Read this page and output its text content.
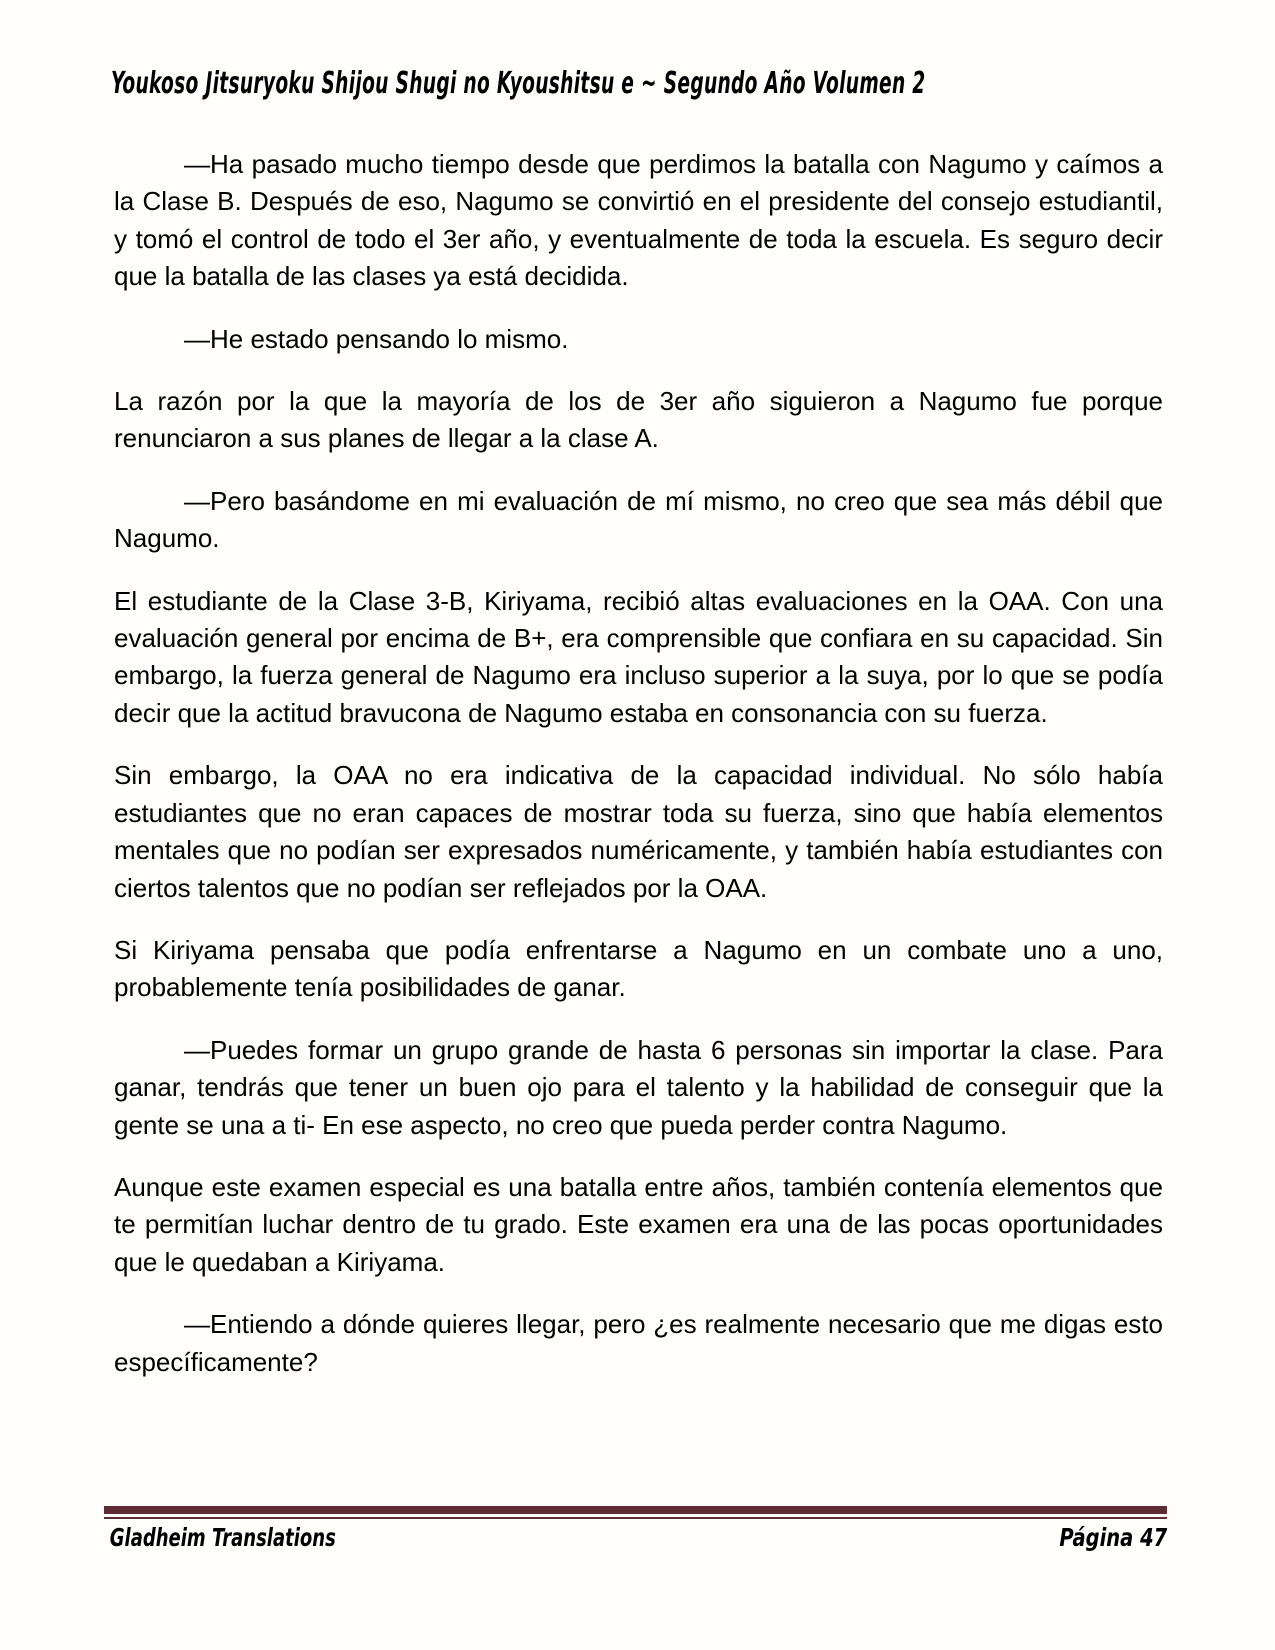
Youkoso Jitsuryoku Shijou Shugi no Kyoushitsu e ~ Segundo Año Volumen 2

—Ha pasado mucho tiempo desde que perdimos la batalla con Nagumo y caímos a la Clase B. Después de eso, Nagumo se convirtió en el presidente del consejo estudiantil, y tomó el control de todo el 3er año, y eventualmente de toda la escuela. Es seguro decir que la batalla de las clases ya está decidida.

—He estado pensando lo mismo.

La razón por la que la mayoría de los de 3er año siguieron a Nagumo fue porque renunciaron a sus planes de llegar a la clase A.

—Pero basándome en mi evaluación de mí mismo, no creo que sea más débil que Nagumo.

El estudiante de la Clase 3-B, Kiriyama, recibió altas evaluaciones en la OAA. Con una evaluación general por encima de B+, era comprensible que confiara en su capacidad. Sin embargo, la fuerza general de Nagumo era incluso superior a la suya, por lo que se podía decir que la actitud bravucona de Nagumo estaba en consonancia con su fuerza.

Sin embargo, la OAA no era indicativa de la capacidad individual. No sólo había estudiantes que no eran capaces de mostrar toda su fuerza, sino que había elementos mentales que no podían ser expresados numéricamente, y también había estudiantes con ciertos talentos que no podían ser reflejados por la OAA.

Si Kiriyama pensaba que podía enfrentarse a Nagumo en un combate uno a uno, probablemente tenía posibilidades de ganar.

—Puedes formar un grupo grande de hasta 6 personas sin importar la clase. Para ganar, tendrás que tener un buen ojo para el talento y la habilidad de conseguir que la gente se una a ti- En ese aspecto, no creo que pueda perder contra Nagumo.

Aunque este examen especial es una batalla entre años, también contenía elementos que te permitían luchar dentro de tu grado. Este examen era una de las pocas oportunidades que le quedaban a Kiriyama.

—Entiendo a dónde quieres llegar, pero ¿es realmente necesario que me digas esto específicamente?

Gladheim Translations	Página 47
